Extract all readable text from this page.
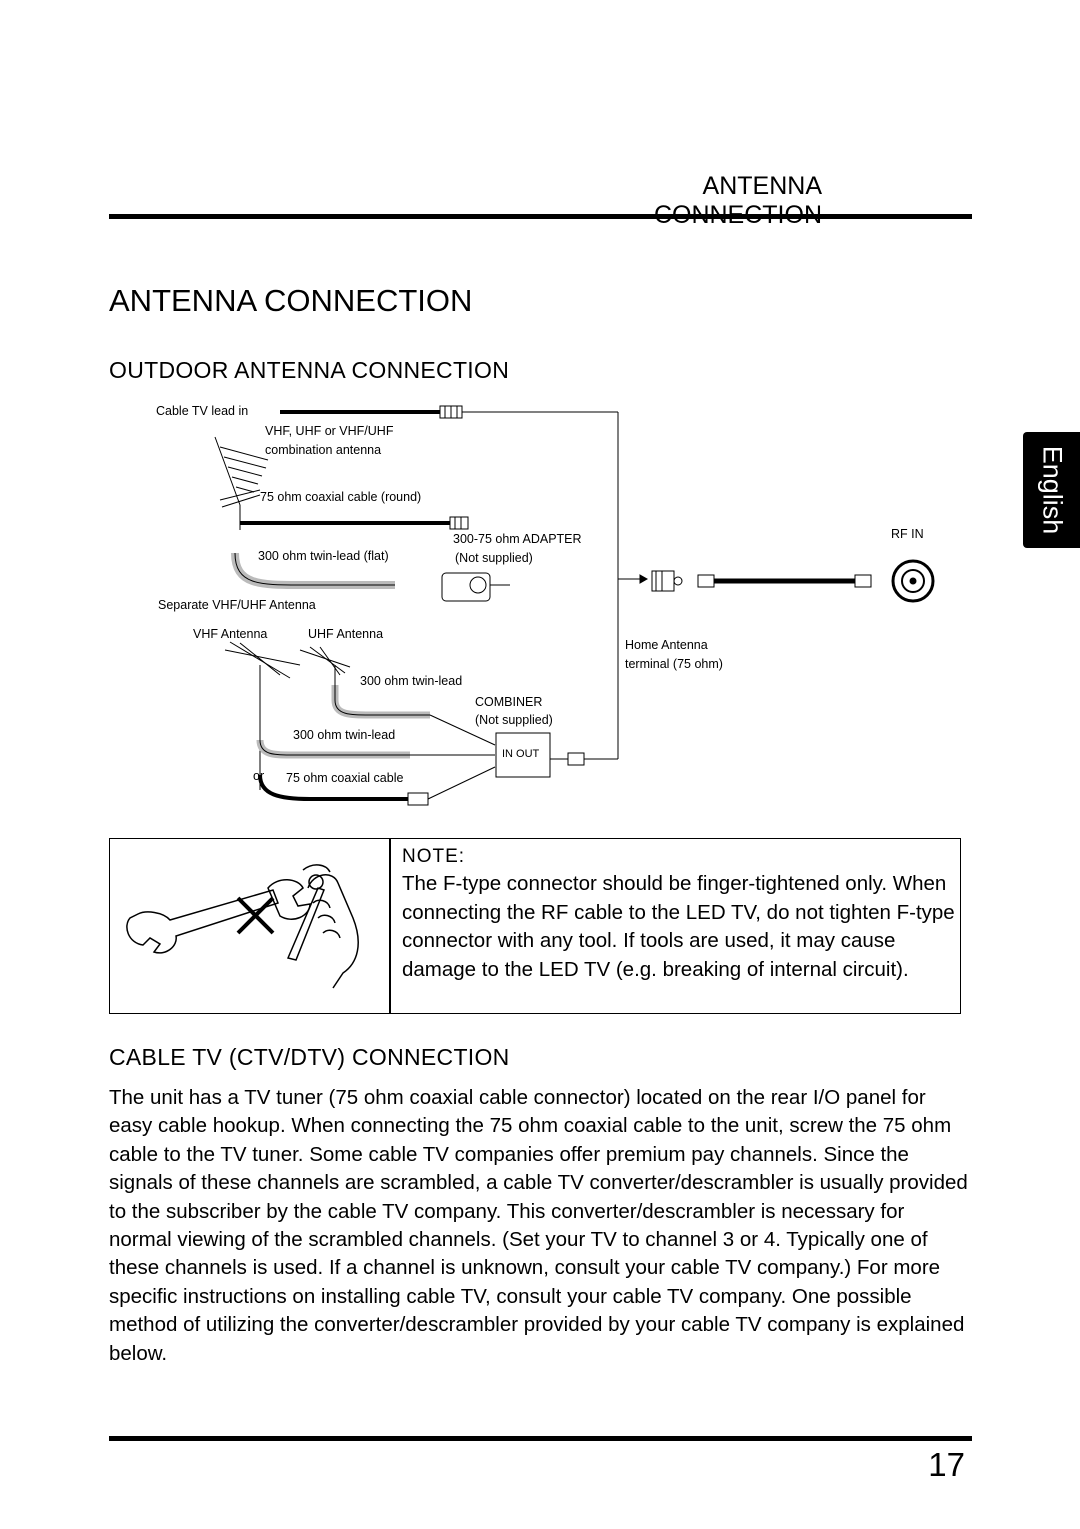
ANTENNA
English
ANTENNA CONNECTION
OUTDOOR ANTENNA CONNECTION
Cable TV lead in
VHF, UHF or VHF/UHF
combination antenna
75 ohm coaxial cable (round)
300-75 ohm ADAPTER
(Not supplied)
300 ohm twin-lead (flat)
RF IN
Separate VHF/UHF Antenna
VHF Antenna	UHF Antenna
Home Antenna
terminal (75 ohm)
300 ohm twin-lead
COMBINER
(Not supplied)
300 ohm twin-lead
IN OUT
or 75 ohm coaxial cable
NOTE:
The F-type connector should be finger-tightened only. When connecting the RF cable to the LED TV, do not tighten F-type connector with any tool. If tools are used, it may cause damage to the LED TV (e.g. breaking of internal circuit).
CABLE TV (CTV/DTV) CONNECTION
The unit has a TV tuner (75 ohm coaxial cable connector) located on the rear I/O panel for easy cable hookup. When connecting the 75 ohm coaxial cable to the unit, screw the 75 ohm cable to the TV tuner. Some cable TV companies offer premium pay channels. Since the signals of these channels are scrambled, a cable TV converter/descrambler is usually provided to the subscriber by the cable TV company. This converter/descrambler is necessary for normal viewing of the scrambled channels. (Set your TV to channel 3 or 4. Typically one of these channels is used. If a channel is unknown, consult your cable TV company.) For more specific instructions on installing cable TV, consult your cable TV company. One possible method of utilizing the converter/descrambler provided by your cable TV company is explained below.
17
